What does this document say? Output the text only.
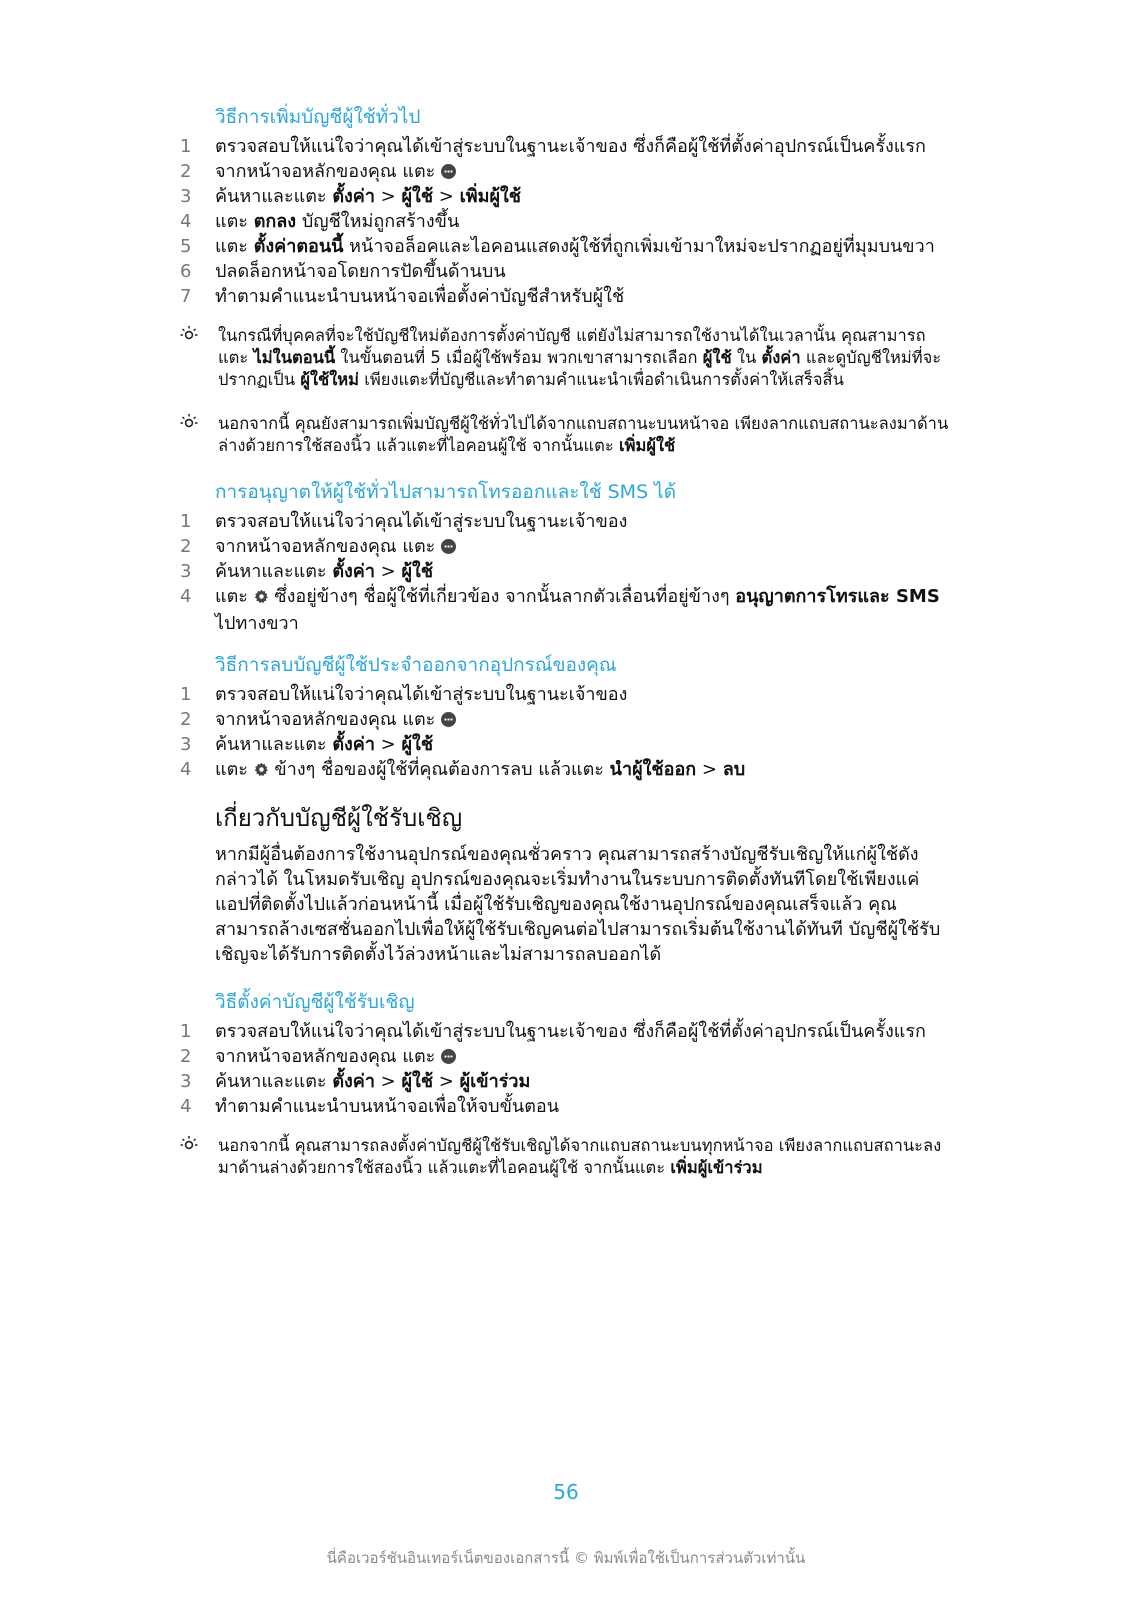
วิธีการเพิ่มบัญชีผู้ใช้ทั่วไป
1	ตรวจสอบให้แน่ใจว่าคุณได้เข้าสู่ระบบในฐานะเจ้าของ ซึ่งก็คือผู้ใช้ที่ตั้งค่าอุปกรณ์เป็นครั้งแรก
2	จากหน้าจอหลักของคุณ แตะ
3	ค้นหาและแตะ ตั้งค่า > ผู้ใช้ > เพิ่มผู้ใช้
4	แตะ ตกลง บัญชีใหม่ถูกสร้างขึ้น
5	แตะ ตั้งค่าตอนนี้ หน้าจอล็อคและไอคอนแสดงผู้ใช้ที่ถูกเพิ่มเข้ามาใหม่จะปรากฏอยู่ที่มุมบนขวา
6	ปลดล็อกหน้าจอโดยการปัดขึ้นด้านบน
7	ทำตามคำแนะนำบนหน้าจอเพื่อตั้งค่าบัญชีสำหรับผู้ใช้
ในกรณีที่บุคคลที่จะใช้บัญชีใหม่ต้องการตั้งค่าบัญชี แต่ยังไม่สามารถใช้งานได้ในเวลานั้น คุณสามารถแตะ ไม่ในตอนนี้ ในขั้นตอนที่ 5 เมื่อผู้ใช้พร้อม พวกเขาสามารถเลือก ผู้ใช้ ใน ตั้งค่า และดูบัญชีใหม่ที่จะปรากฏเป็น ผู้ใช้ใหม่ เพียงแตะที่บัญชีและทำตามคำแนะนำเพื่อดำเนินการตั้งค่าให้เสร็จสิ้น
นอกจากนี้ คุณยังสามารถเพิ่มบัญชีผู้ใช้ทั่วไปได้จากแถบสถานะบนหน้าจอ เพียงลากแถบสถานะลงมาด้านล่างด้วยการใช้สองนิ้ว แล้วแตะที่ไอคอนผู้ใช้ จากนั้นแตะ เพิ่มผู้ใช้
การอนุญาตให้ผู้ใช้ทั่วไปสามารถโทรออกและใช้ SMS ได้
1	ตรวจสอบให้แน่ใจว่าคุณได้เข้าสู่ระบบในฐานะเจ้าของ
2	จากหน้าจอหลักของคุณ แตะ
3	ค้นหาและแตะ ตั้งค่า > ผู้ใช้
4	แตะ  ซึ่งอยู่ข้างๆ ชื่อผู้ใช้ที่เกี่ยวข้อง จากนั้นลากตัวเลื่อนที่อยู่ข้างๆ อนุญาตการโทรและ SMS ไปทางขวา
วิธีการลบบัญชีผู้ใช้ประจำออกจากอุปกรณ์ของคุณ
1	ตรวจสอบให้แน่ใจว่าคุณได้เข้าสู่ระบบในฐานะเจ้าของ
2	จากหน้าจอหลักของคุณ แตะ
3	ค้นหาและแตะ ตั้งค่า > ผู้ใช้
4	แตะ  ข้างๆ ชื่อของผู้ใช้ที่คุณต้องการลบ แล้วแตะ นำผู้ใช้ออก > ลบ
เกี่ยวกับบัญชีผู้ใช้รับเชิญ
หากมีผู้อื่นต้องการใช้งานอุปกรณ์ของคุณชั่วคราว คุณสามารถสร้างบัญชีรับเชิญให้แก่ผู้ใช้ดังกล่าวได้ ในโหมดรับเชิญ อุปกรณ์ของคุณจะเริ่มทำงานในระบบการติดตั้งทันทีโดยใช้เพียงแค่แอปที่ติดตั้งไปแล้วก่อนหน้านี้ เมื่อผู้ใช้รับเชิญของคุณใช้งานอุปกรณ์ของคุณเสร็จแล้ว คุณสามารถล้างเซสชั่นออกไปเพื่อให้ผู้ใช้รับเชิญคนต่อไปสามารถเริ่มต้นใช้งานได้ทันที บัญชีผู้ใช้รับเชิญจะได้รับการติดตั้งไว้ล่วงหน้าและไม่สามารถลบออกได้
วิธีตั้งค่าบัญชีผู้ใช้รับเชิญ
1	ตรวจสอบให้แน่ใจว่าคุณได้เข้าสู่ระบบในฐานะเจ้าของ ซึ่งก็คือผู้ใช้ที่ตั้งค่าอุปกรณ์เป็นครั้งแรก
2	จากหน้าจอหลักของคุณ แตะ
3	ค้นหาและแตะ ตั้งค่า > ผู้ใช้ > ผู้เข้าร่วม
4	ทำตามคำแนะนำบนหน้าจอเพื่อให้จบขั้นตอน
นอกจากนี้ คุณสามารถลงตั้งค่าบัญชีผู้ใช้รับเชิญได้จากแถบสถานะบนทุกหน้าจอ เพียงลากแถบสถานะลงมาด้านล่างด้วยการใช้สองนิ้ว แล้วแตะที่ไอคอนผู้ใช้ จากนั้นแตะ เพิ่มผู้เข้าร่วม
56
นี่คือเวอร์ชันอินเทอร์เน็ตของเอกสารนี้ © พิมพ์เพื่อใช้เป็นการส่วนตัวเท่านั้น
